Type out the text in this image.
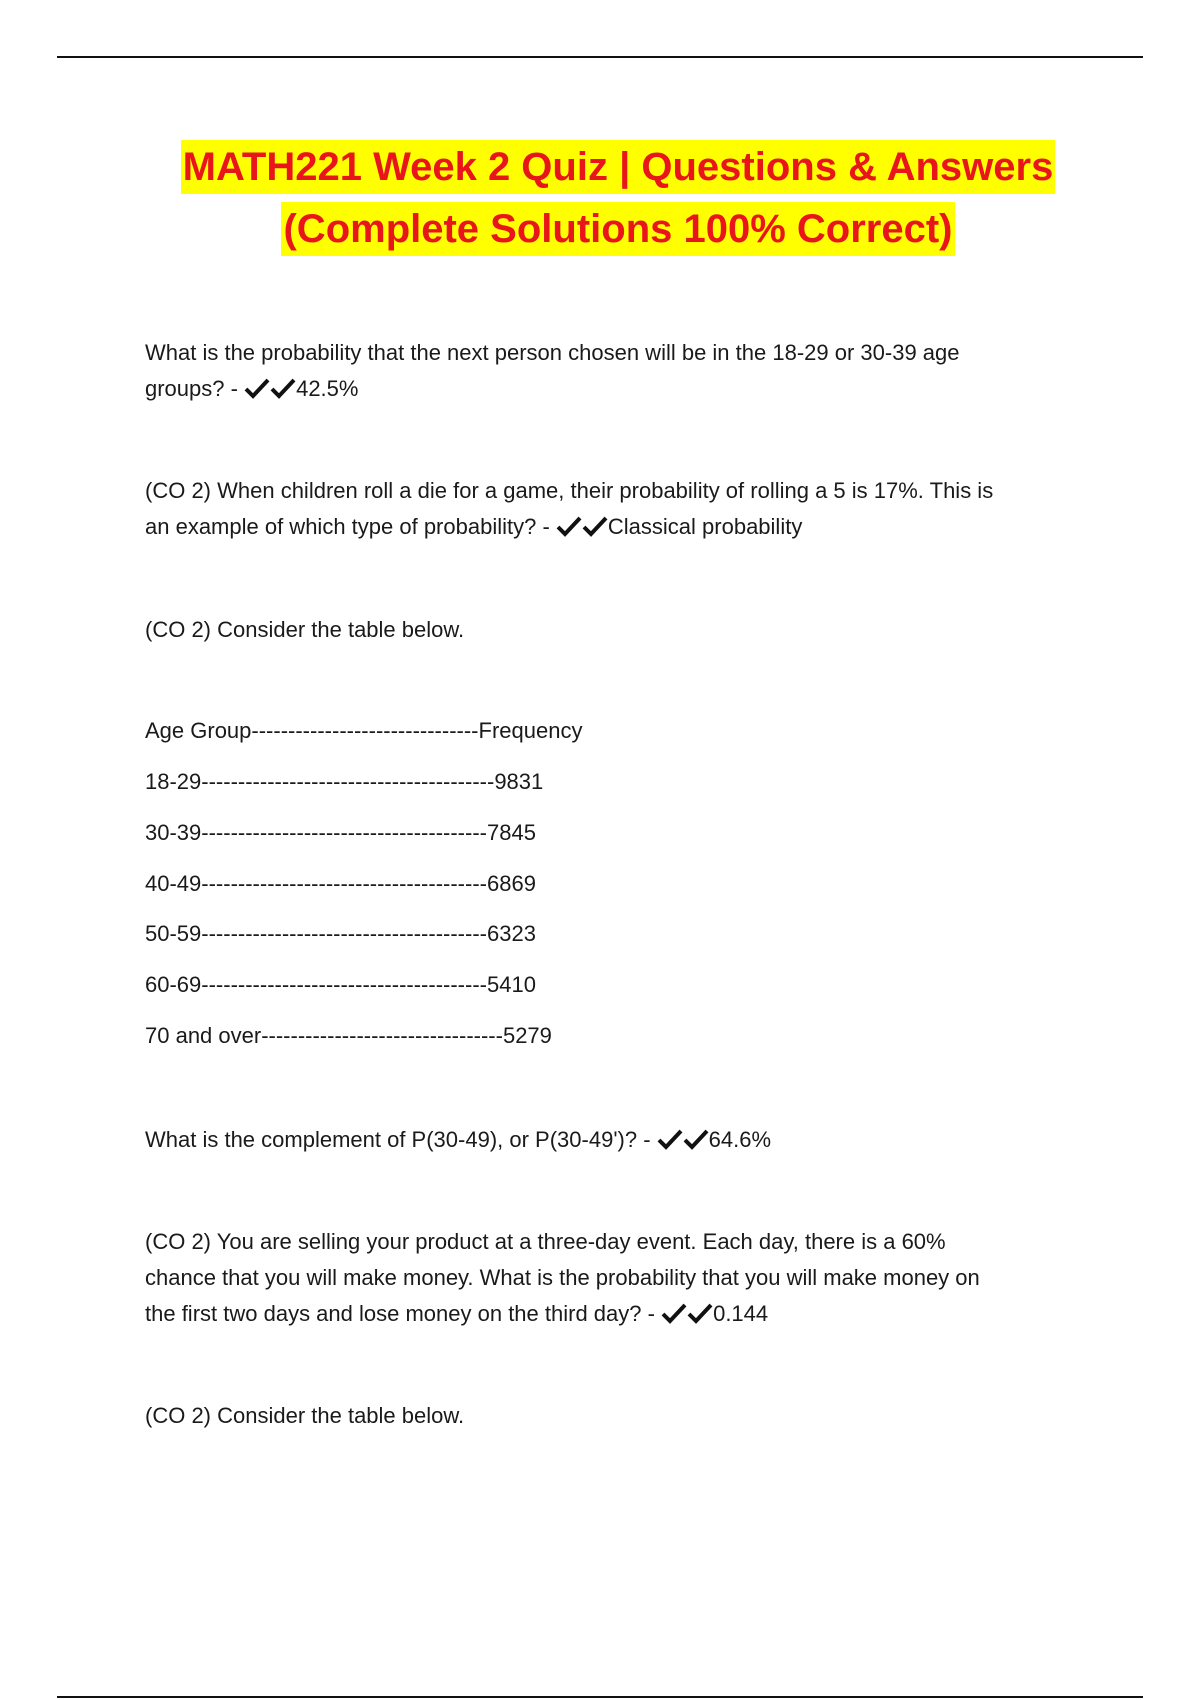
MATH221 Week 2 Quiz | Questions & Answers
(Complete Solutions 100% Correct)

What is the probability that the next person chosen will be in the 18-29 or 30-39 age
groups? -	42.5%

(CO 2) When children roll a die for a game, their probability of rolling a 5 is 17%. This is
an example of which type of probability? -	Classical probability

(CO 2) Consider the table below.

Age Group-------------------------------Frequency

18-29----------------------------------------9831

30-39---------------------------------------7845

40-49---------------------------------------6869

50-59---------------------------------------6323

60-69---------------------------------------5410

70 and over---------------------------------5279

What is the complement of P(30-49), or P(30-49')? -	64.6%

(CO 2) You are selling your product at a three-day event. Each day, there is a 60%
chance that you will make money. What is the probability that you will make money on
the first two days and lose money on the third day? -	0.144

(CO 2) Consider the table below.
